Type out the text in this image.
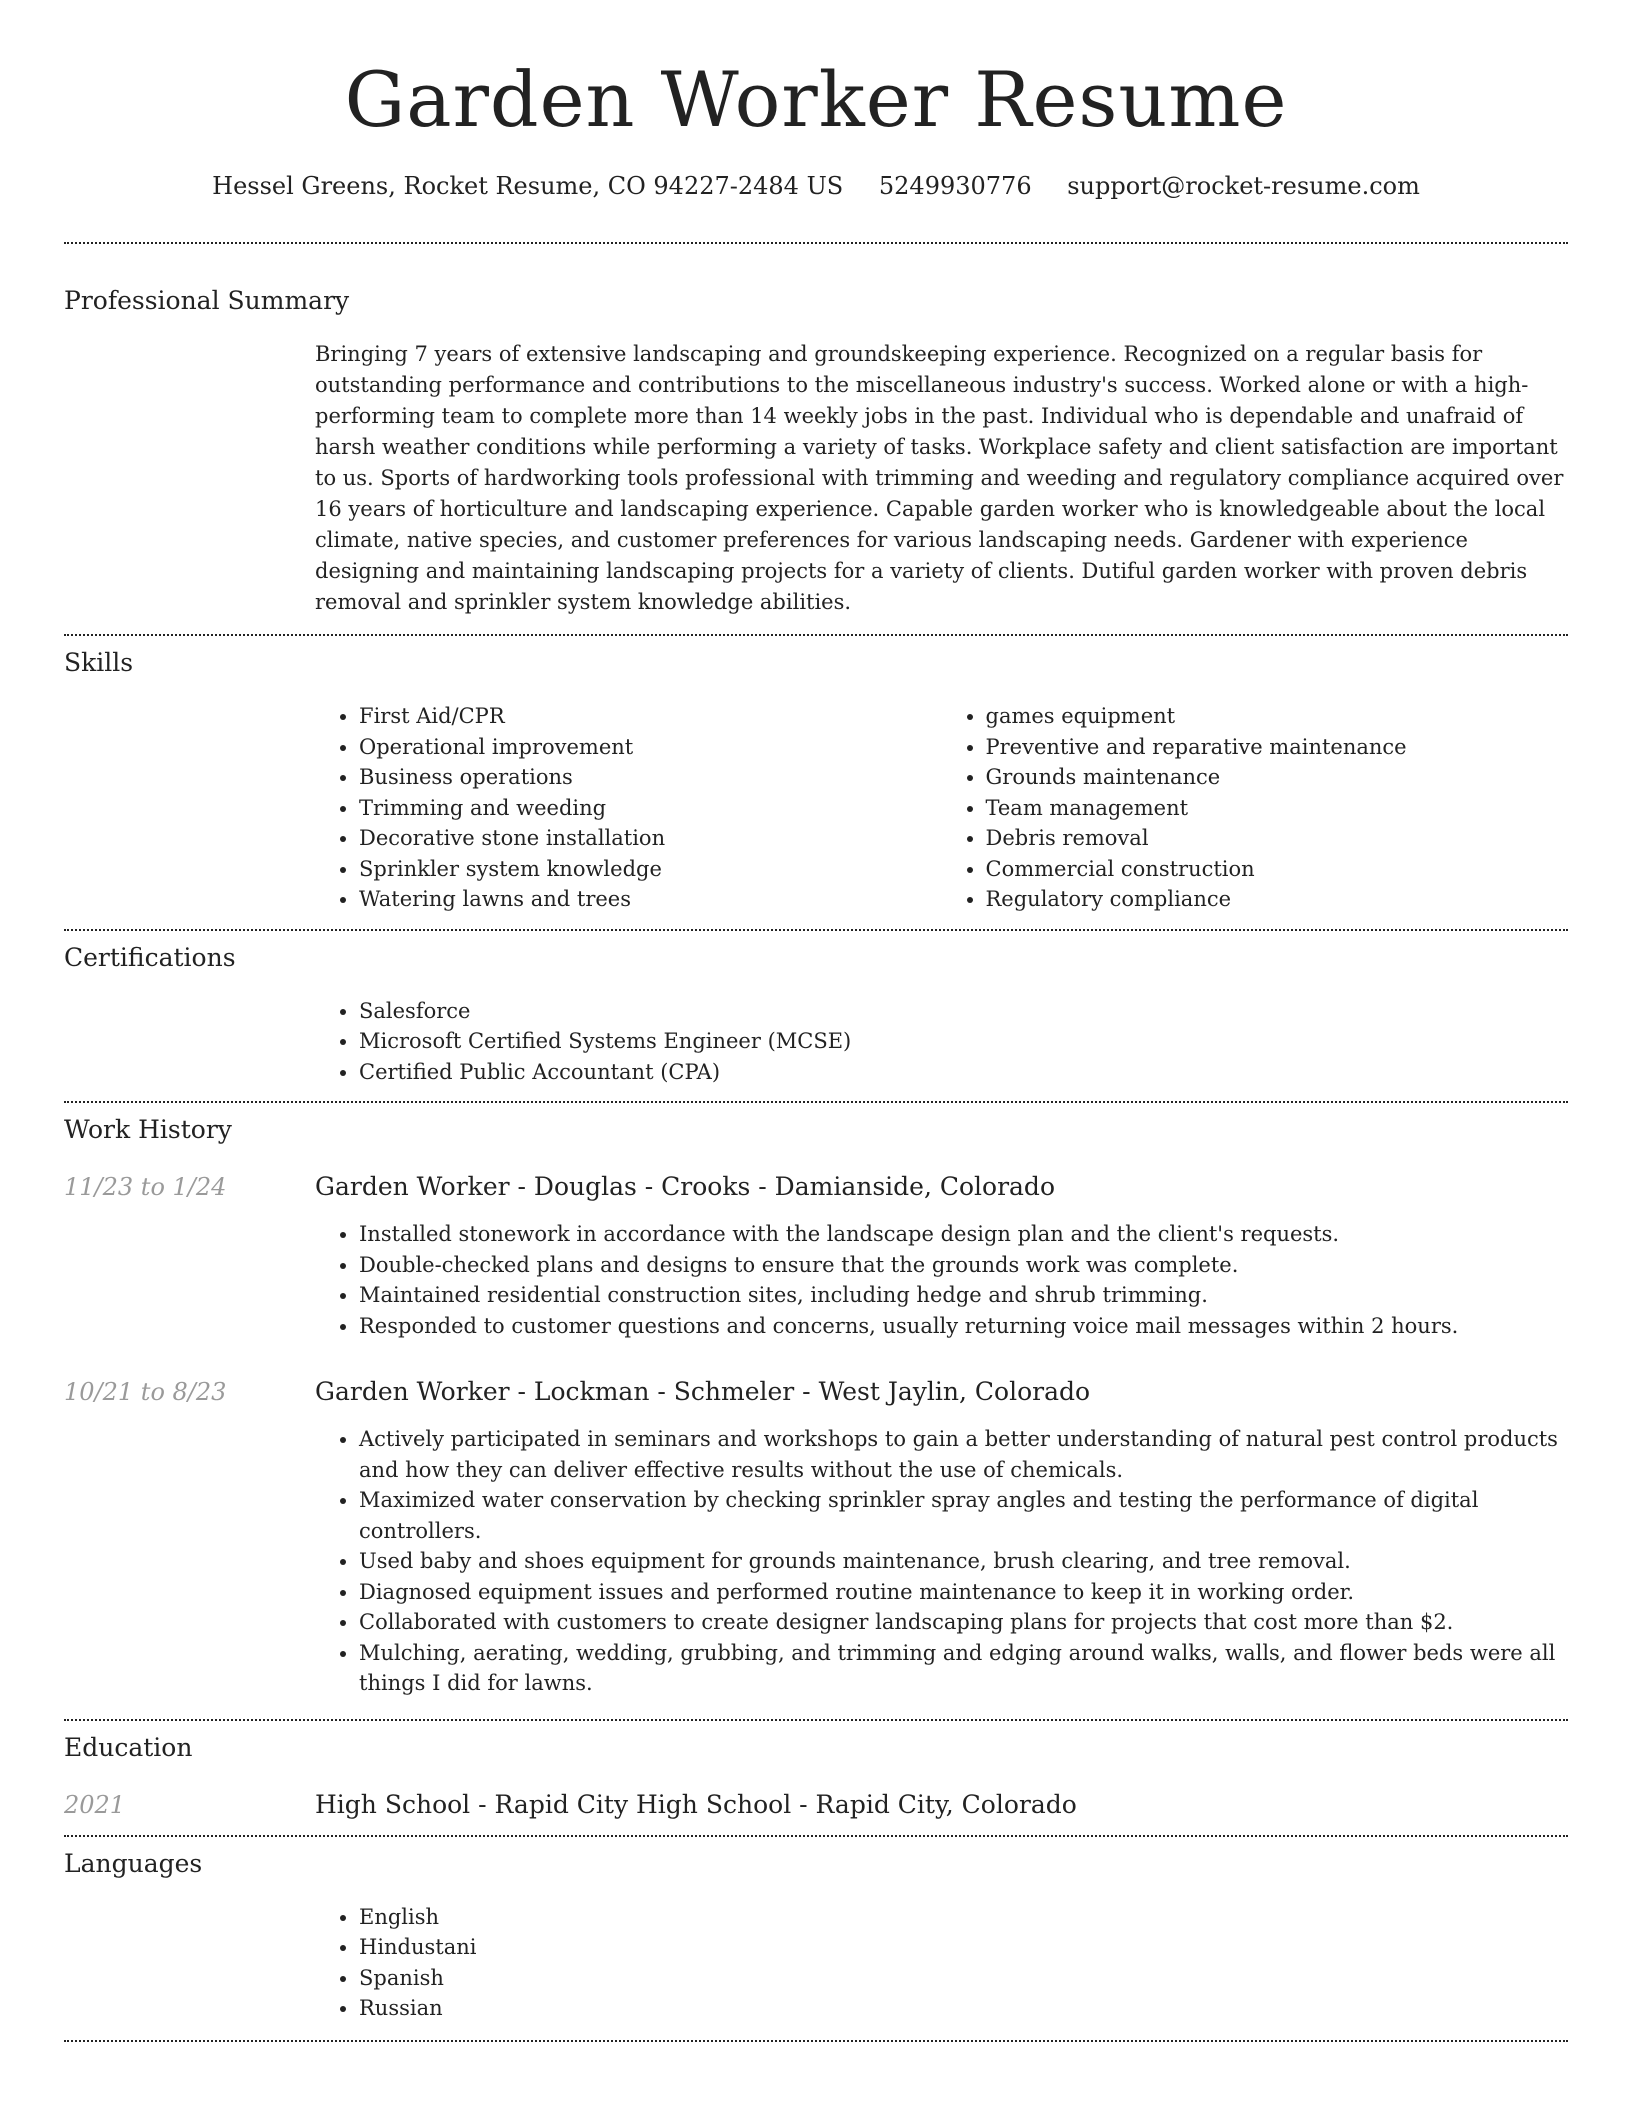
Garden Worker Resume
Hessel Greens, Rocket Resume, CO 94227-2484 US 5249930776 support@rocket-resume.com
Professional Summary
Bringing 7 years of extensive landscaping and groundskeeping experience. Recognized on a regular basis for outstanding performance and contributions to the miscellaneous industry's success. Worked alone or with a high-performing team to complete more than 14 weekly jobs in the past. Individual who is dependable and unafraid of harsh weather conditions while performing a variety of tasks. Workplace safety and client satisfaction are important to us. Sports of hardworking tools professional with trimming and weeding and regulatory compliance acquired over 16 years of horticulture and landscaping experience. Capable garden worker who is knowledgeable about the local climate, native species, and customer preferences for various landscaping needs. Gardener with experience designing and maintaining landscaping projects for a variety of clients. Dutiful garden worker with proven debris removal and sprinkler system knowledge abilities.
Skills
• First Aid/CPR
• Operational improvement
• Business operations
• Trimming and weeding
• Decorative stone installation
• Sprinkler system knowledge
• Watering lawns and trees
• games equipment
• Preventive and reparative maintenance
• Grounds maintenance
• Team management
• Debris removal
• Commercial construction
• Regulatory compliance
Certifications
• Salesforce
• Microsoft Certified Systems Engineer (MCSE)
• Certified Public Accountant (CPA)
Work History
11/23 to 1/24	Garden Worker - Douglas - Crooks - Damianside, Colorado
• Installed stonework in accordance with the landscape design plan and the client's requests.
• Double-checked plans and designs to ensure that the grounds work was complete.
• Maintained residential construction sites, including hedge and shrub trimming.
• Responded to customer questions and concerns, usually returning voice mail messages within 2 hours.
10/21 to 8/23	Garden Worker - Lockman - Schmeler - West Jaylin, Colorado
• Actively participated in seminars and workshops to gain a better understanding of natural pest control products and how they can deliver effective results without the use of chemicals.
• Maximized water conservation by checking sprinkler spray angles and testing the performance of digital controllers.
• Used baby and shoes equipment for grounds maintenance, brush clearing, and tree removal.
• Diagnosed equipment issues and performed routine maintenance to keep it in working order.
• Collaborated with customers to create designer landscaping plans for projects that cost more than $2.
• Mulching, aerating, wedding, grubbing, and trimming and edging around walks, walls, and flower beds were all things I did for lawns.
Education
2021	High School - Rapid City High School - Rapid City, Colorado
Languages
• English
• Hindustani
• Spanish
• Russian
